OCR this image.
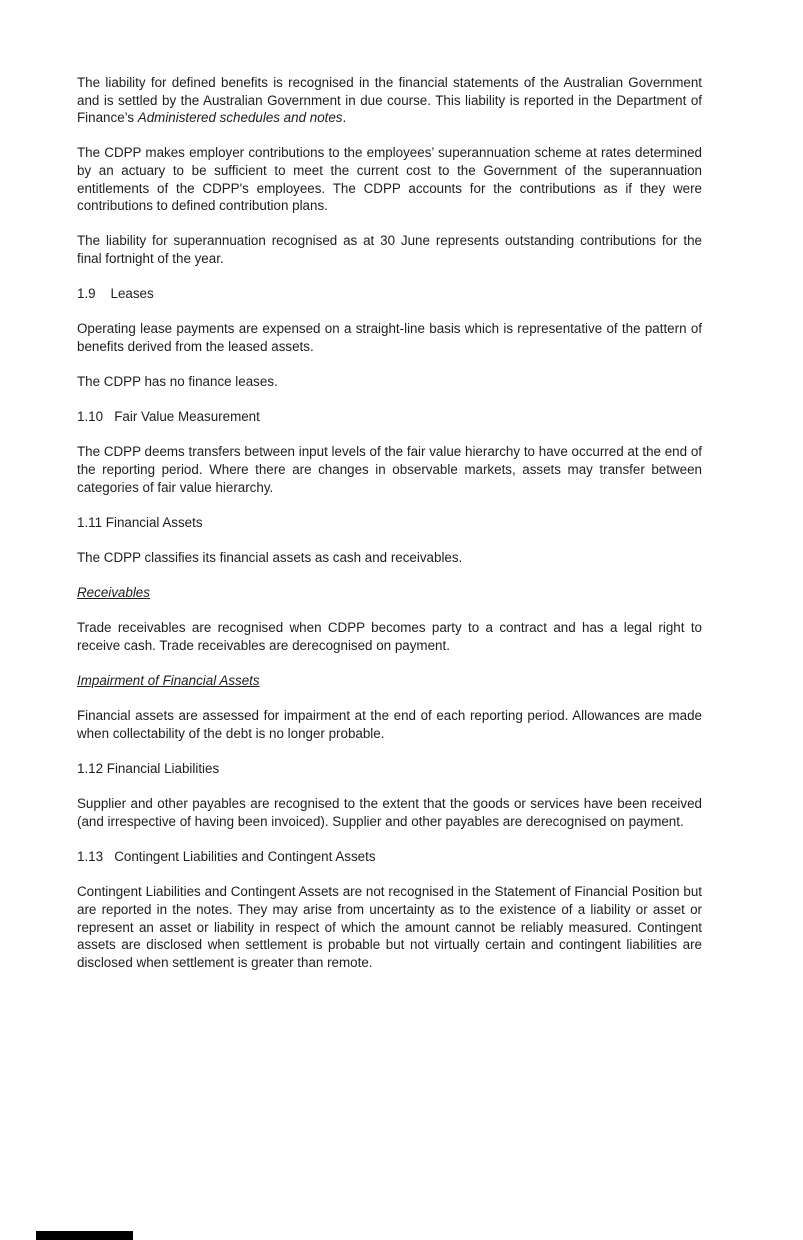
The liability for defined benefits is recognised in the financial statements of the Australian Government and is settled by the Australian Government in due course. This liability is reported in the Department of Finance’s Administered schedules and notes.

The CDPP makes employer contributions to the employees’ superannuation scheme at rates determined by an actuary to be sufficient to meet the current cost to the Government of the superannuation entitlements of the CDPP's employees. The CDPP accounts for the contributions as if they were contributions to defined contribution plans.

The liability for superannuation recognised as at 30 June represents outstanding contributions for the final fortnight of the year.

1.9    Leases

Operating lease payments are expensed on a straight-line basis which is representative of the pattern of benefits derived from the leased assets.

The CDPP has no finance leases.

1.10   Fair Value Measurement

The CDPP deems transfers between input levels of the fair value hierarchy to have occurred at the end of the reporting period. Where there are changes in observable markets, assets may transfer between categories of fair value hierarchy.

1.11 Financial Assets

The CDPP classifies its financial assets as cash and receivables.

Receivables

Trade receivables are recognised when CDPP becomes party to a contract and has a legal right to receive cash. Trade receivables are derecognised on payment.

Impairment of Financial Assets

Financial assets are assessed for impairment at the end of each reporting period. Allowances are made when collectability of the debt is no longer probable.

1.12 Financial Liabilities

Supplier and other payables are recognised to the extent that the goods or services have been received (and irrespective of having been invoiced). Supplier and other payables are derecognised on payment.

1.13   Contingent Liabilities and Contingent Assets

Contingent Liabilities and Contingent Assets are not recognised in the Statement of Financial Position but are reported in the notes. They may arise from uncertainty as to the existence of a liability or asset or represent an asset or liability in respect of which the amount cannot be reliably measured. Contingent assets are disclosed when settlement is probable but not virtually certain and contingent liabilities are disclosed when settlement is greater than remote.
